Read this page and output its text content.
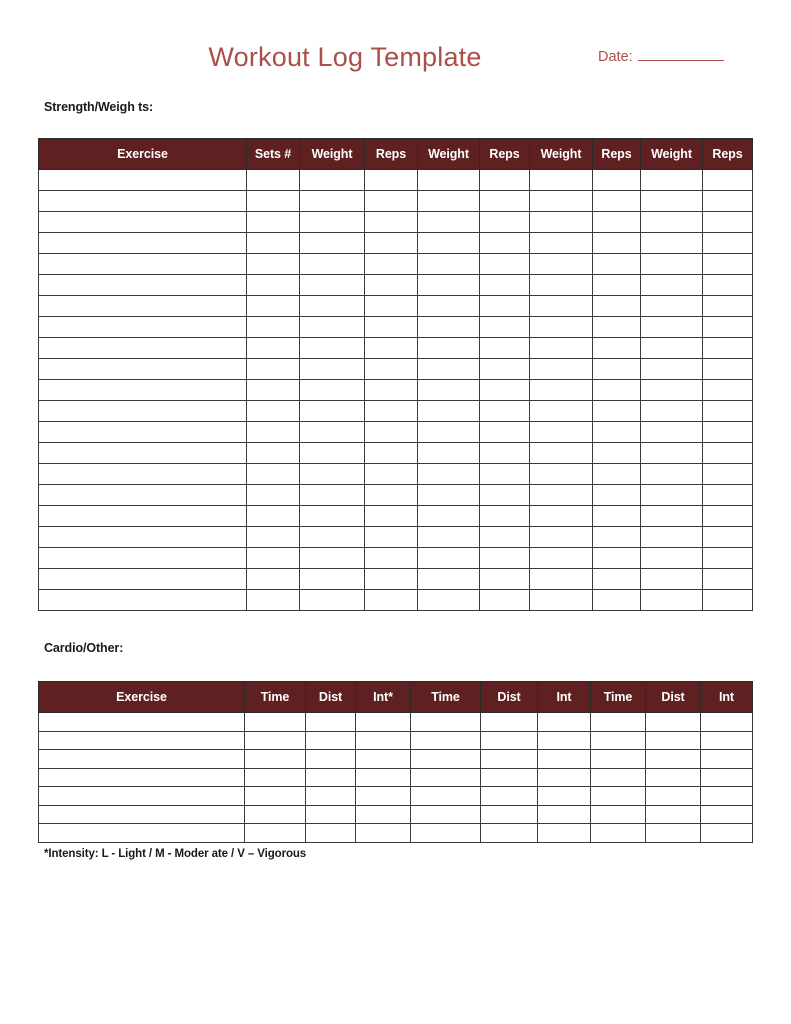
Workout Log Template	Date:
Strength/Weigh ts:
Exercise	Sets #	Weight	Reps	Weight	Reps	Weight	Reps	Weight	Reps

Cardio/Other:
Exercise	Time	Dist	Int*	Time	Dist	Int	Time	Dist	Int

*Intensity: L - Light / M - Moder ate / V – Vigorous
